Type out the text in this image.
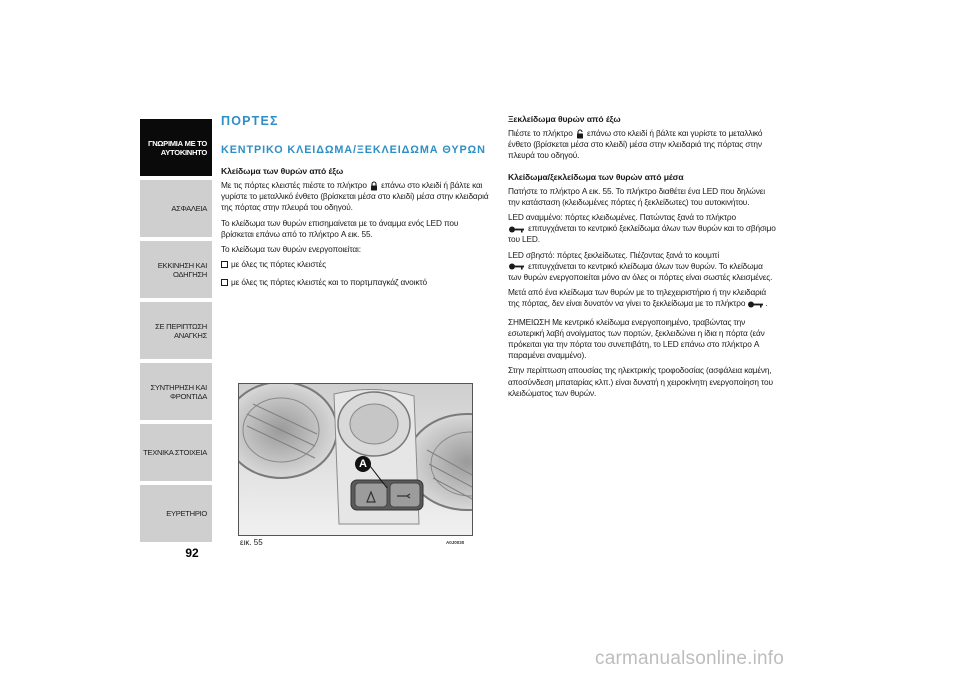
ΓΝΩΡΙΜΙΑ ΜΕ ΤΟ
ΑΥΤΟΚΙΝΗΤΟ
ΑΣΦΑΛΕΙΑ
ΕΚΚΙΝΗΣΗ ΚΑΙ
ΟΔΗΓΗΣΗ
ΣΕ ΠΕΡΙΠΤΩΣΗ
ΑΝΑΓΚΗΣ
ΣΥΝΤΗΡΗΣΗ ΚΑΙ
ΦΡΟΝΤΙΔΑ
ΤΕΧΝΙΚΑ ΣΤΟΙΧΕΙΑ
ΕΥΡΕΤΗΡΙΟ
92
ΠΟΡΤΕΣ
ΚΕΝΤΡΙΚΟ ΚΛΕΙΔΩΜΑ/ΞΕΚΛΕΙΔΩΜΑ ΘΥΡΩΝ
Κλείδωμα των θυρών από έξω

Με τις πόρτες κλειστές πιέστε το πλήκτρο  επάνω στο κλειδί ή βάλτε και γυρίστε το μεταλλικό ένθετο (βρίσκεται μέσα στο κλειδί) μέσα στην κλειδαριά της πόρτας στην πλευρά του οδηγού.

Το κλείδωμα των θυρών επισημαίνεται με το άναμμα ενός LED που βρίσκεται επάνω από το πλήκτρο A εικ. 55.

Το κλείδωμα των θυρών ενεργοποιείται:

με όλες τις πόρτες κλειστές

με όλες τις πόρτες κλειστές και το πορτμπαγκάζ ανοικτό

A
εικ. 55	A0J0030
Ξεκλείδωμα θυρών από έξω

Πιέστε το πλήκτρο  επάνω στο κλειδί ή βάλτε και γυρίστε το μεταλλικό ένθετο (βρίσκεται μέσα στο κλειδί) μέσα στην κλειδαριά της πόρτας στην πλευρά του οδηγού.

Κλείδωμα/ξεκλείδωμα των θυρών από μέσα

Πατήστε το πλήκτρο A εικ. 55. Το πλήκτρο διαθέτει ένα LED που δηλώνει την κατάσταση (κλειδωμένες πόρτες ή ξεκλείδωτες) του αυτοκινήτου.

LED αναμμένο: πόρτες κλειδωμένες. Πατώντας ξανά το πλήκτρο
επιτυγχάνεται το κεντρικό ξεκλείδωμα όλων των θυρών και το σβήσιμο του LED.

LED σβηστό: πόρτες ξεκλείδωτες. Πιέζοντας ξανά το κουμπί
επιτυγχάνεται το κεντρικό κλείδωμα όλων των θυρών. Το κλείδωμα των θυρών ενεργοποιείται μόνο αν όλες οι πόρτες είναι σωστές κλεισμένες.

Μετά από ένα κλείδωμα των θυρών με το τηλεχειριστήριο ή την κλειδαριά της πόρτας, δεν είναι δυνατόν να γίνει το ξεκλείδωμα με το πλήκτρο .

ΣΗΜΕΙΩΣΗ Με κεντρικό κλείδωμα ενεργοποιημένο, τραβώντας την εσωτερική λαβή ανοίγματος των πορτών, ξεκλειδώνει η ίδια η πόρτα (εάν πρόκειται για την πόρτα του συνεπιβάτη, το LED επάνω στο πλήκτρο A παραμένει αναμμένο).

Στην περίπτωση απουσίας της ηλεκτρικής τροφοδοσίας (ασφάλεια καμένη, αποσύνδεση μπαταρίας κλπ.) είναι δυνατή η χειροκίνητη ενεργοποίηση του κλειδώματος των θυρών.

carmanualsonline.info
